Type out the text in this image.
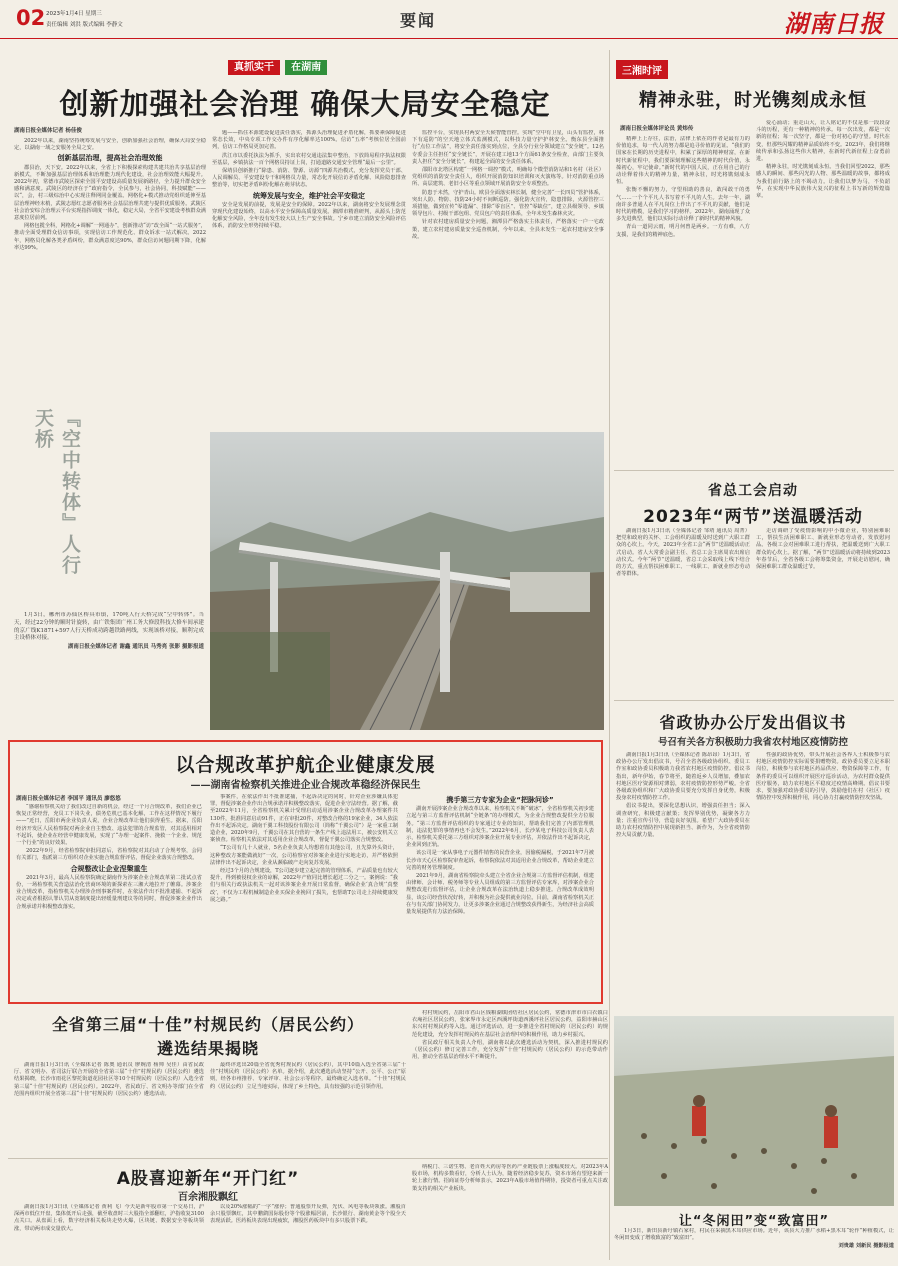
02 2023年1月4日 星期三
责任编辑 刘洪 版式编辑 李静文	要闻	湖南日报
真抓实干 在湖南
创新加强社会治理 确保大局安全稳定
湖南日报全媒体记者 杨佳俊

2022年以来，湖南坚持统筹发展与安全，创新加强社会治理，确保大局安全稳定，以湖南一域之安服务全局之安。

创新基层治理，提高社会治理效能

郡县治，天下安。2022年以来，全省上下积极探索构建共建共治共享基层治理新模式，不断加强基层治理体系和治理能力现代化建设，社会治理效能大幅提升。2022年初，常德市武陵区探索全国平安建设高质量发展新路径，全力提升群众安全感和满意度。武陵区的经济在于“政府指令，全民参与，社会协同，科技赋能”——以“，会，村三级综治中心实现注释网同金覆盖。网格化+模式推动党组织延伸至基层治理神经末梢，武陵志愿红志愿者服务社会基层治理共建与提供优质服务。武陵区社会治安综合治理云平台实现指挥调度一体化，稳定大局，全省平安建设考核群众满意度位居前列。

网格包揽全科，网格化+调解“一网通办”，创新推动“访”改全面“一站式服务”，推动全面受理群众信访事项，实现信访工作规范化、群众诉求一站式解决。2022年，网格员化解各类矛盾纠纷，群众满意度达90%，群众信访问题同期下降，化解率达99%。

题——抓住本源建设促进责任落实，抓源头治理促进矛盾化解，抓要素保障促进常态长效，中央专项工作交办件有序化解率达100%。信访“五率”考核位居全国前列，信访工作格局更加完善。

洪江市以委托执法为抓手，实出农村交通违法集中整治，下放简易程序执法权限至基层，乡镇执法一百个网格员持证上岗，打通道路交通安全管理“最后一公里”。

保靖县创新推行“除患、消防、警源、访源”四源共治模式，充分发挥党员干部、人民调解员、平安建设专干和网格员力量，常态化开展信访矛盾化解、风险隐患排查整治等，切实把矛盾纠纷化解在萌芽状态。

统筹发展与安全，维护社会平安稳定

安全是发展的前提，发展是安全的保障。2022年以来，湖南将安全发展理念贯穿现代化建设始终，以高水平安全保障高质量发展。湘潭市精准研判，从源头上防范化解安全风险，全年没有发生较大以上生产安全事故。宁乡市建立消防安全风险评估体系，消防安全形势持续平稳。

监控平台，实现县村两安全天候智能管控。实现“空中有卫星，山头有监控，林下有巡防”的空天地立体式监测模式，以科技力量守护护林安全。衡东县全面推行“点位工作法”，将安全责任落实到点位，全县分行业分领域建立“安全链”。12名专委会主任担任“安全链长”，开展在建工地13个方面61条安全检查，由部门主要负责人担任“安全分链长”，构建起全面的安全责任体系。

邵阳市北塔区构建“一网格一调控”模式，明确每个微型消防站和1名村（社区）党组织的消防安全责任人，组织开展消防知识培训和灭火演练等。针对消防重点场所、高层建筑、老旧小区等重点领域开展消防安全专项整治。

防患于未然，守护青山。欧县全面落实林长制，健全完善“一长四员”管护体系，突出人防、物防、技防24小时不间断巡防。强化防火宣传，隐患排除，火源管控三项措施，做到宣传“零遗漏”、排除“零盲区”、管控“零缺位”，建立县级领导、乡镇领导包片、村级干部包组、党员包户的责任体系，全年未发生森林火灾。

针对农村建房质量安全问题，湘潭县严格落实主体责任，严格落实一户一宅政策，建立农村建房质量安全巡查机制，今年以来，全县未发生一起农村建房安全事故。

『空中转体』人行天桥

1月3日，郴州市苏仙区桥具市镇，170吨人行天桥完成“空中转体”。当天，经过22分钟的顺时针旋转，由广铁集团广州工务大修段科技大修车间承建的京广线K1871+597人行天桥成功跨越铁路两线，实现该桥对接，顺利完成主设桥体对接。

湖南日报全媒体记者 谢鑫 通讯员 马秀亮 张影 摄影报道

以合规改革护航企业健康发展
——湖南省检察机关推进企业合规改革稳经济保民生
湖南日报全媒体记者 李国平 通讯员 廖悠悠

“感谢检察机关给了我们改过自新的机会，经过一个月合规改革，我们企业已恢复正常经营，充员工下岗失业，债务危机已基本化解，工作在这样情况下履行——”近日，岳阳市两企业负责人说，企业合规改革让他们获得重生。据来，岳阳经济开发区人民检察院对两企业自主整改、违法犯罪的合规监管，对其适用相对不起诉，使企业在经营中健康发展，实现了“办理一起案件、挽救一个企业、规范一个行业”的良好效果。

2022年9月，经省检察院审批同意后，省检察院对其启动了合规考察，会同有关部门，指派第三方组织对企业实施合规监督评估，督促企业落实合规整改。

合规整改让企业涅槃重生

2021年3月，最高人民检察院确定湖南作为涉案企业合规改革第二批试点省份，一场检察机关营造法治化营商环境的新探索在三湘大地拉开了帷幕。涉案企业合规改革，指检察机关办理涉企刑事案件时，在依法作出不批准逮捕、不起诉决定或者根据认罪认罚从宽制度提出轻缓量刑建议等的同时，督促涉案企业作出合规承诺并积极整改落实。

事案件，在依法作出不批准逮捕，不起诉决定的同时，针对企业涉嫌具体犯罪，督促涉案企业作出合规承诺并积极整改落实，促进企业守法经营。据了解，截至2022年11月，全省检察机关累计受理启动适用涉案企业合规改革办理案件共130件，批准同意启动91件，正在审批20件，对整改合格的19家企业，34人依法作出不起诉决定。湖南千翼工科技股份有限公司（简称“千翼公司”）是一家重工制造企业，2020年9月，千翼公司在其自营的一条生产线上违法用工，被公安机关立案侦查。检察机关依法对其适用企业合规改革，督促千翼公司落实合规整改。

“T公司有几十人就业，5名企业负责人均想着有其他公司，且先算外头资计，这种整改方案能做就好”一次，公司检察官对涉案企业进行实地走访，并严格依照法律作出不起诉决定，企业从濒临破产走向复苏发展。

经过3个月的合规建设，T公司逐步建立起完善的管理体系，产品质量也有较大提升，得到被侵权企业的谅解，2022年产值同比增长超过二分之一。案例说：“我们与相关行政执法机关一起对该涉案企业开展日常监督，确保企业‘真合规’‘真整改’，不仅为工程机械制造企业买保企业挽回了损失，也帮助T公司走上持续健康发展之路。”

携手第三方专家为企业“把脉问诊”

湖南开展涉案企业合规改革以来，检察机关不断“破冰”，全省检察机关初步建立起与第三方监督评估机制“全链条”的办理模式，为企业合规整改提供全方位服务。“第三方监督评估组织的专家通过专业的知识，帮助我们完善了内部管理机制，违法犯罪的事情再也不会发生。”2022年6月，长沙某电子科技公司负责人表示，检察机关委托第三方组织对涉案企业开展专业评估，并依法作出不起诉决定，企业回到正轨。

该公司是一家从事电子元器件销售的民营企业，因偷税漏税，于2021年7月被长沙市天心区检察院审查起诉，检察院依法对其适用企业合规改革，帮助企业建立完善的财务管理制度。

2021年9月，湖南省检察院牵头建立全省企业合规第三方监督评估机制，组建由律师、会计师、税务师等专业人员组成的第三方监督评估专家库，对涉案企业合规整改进行监督评估，让企业合规改革在法治轨道上稳步推进。合规改革成效明显，该公司经营状况好转，并积极为社会提供就业岗位。目前，湖南省检察机关正在与有关部门协同发力，让更多涉案企业通过合规整改获得新生，为经济社会高质量发展提供有力法治保障。

全省第三届“十佳”村规民约（居民公约）
遴选结果揭晓

湖南日报1月3日讯（全媒体记者 陈奥 通讯员 廖婉清 杨帅 吴佳）由省民政厅、省文明办、省司法厅联合开展的全省第三届“十佳”村规民约（居民公约）遴选结果揭晓，长沙市雨花区黎托街道花园社区等10个村规民约（居民公约）入选全省第三届“十佳”村规民约（居民公约）。2022年，省民政厅、省文明办等部门在全省范围内组织开展全省第三届“十佳”村规民约（居民公约）遴选活动。

最终评选出20篇全省优秀村规民约（居民公约），其中10篇入选全省第三届“十佳”村规民约（居民公约）名单。据介绍，此次遴选活动坚持“公开、公平、公正”原则，经各市州推荐、专家评审、社会公示等程序，最终确定入选名单。“十佳”村规民约（居民公约）立足当地实际，体现了乡土特色，具有较强的示范引领作用。

村村规民约，岳阳市君山区钱粮湖镇团结社区居民公约，常德市津市市白衣镇白衣庵社区居民公约，张家界市永定区西溪坪街道西溪坪社区居民公约，益阳市赫山区东兴村村规民约等入选。通过评选活动，进一步推进全省村规民约（居民公约）的规范化建设，充分发挥村规民约在基层社会治理中的积极作用，助力乡村振兴。

省民政厅相关负责人介绍，湖南将以此次遴选活动为契机，深入推进村规民约（居民公约）修订完善工作，充分发挥“十佳”村规民约（居民公约）的示范带动作用，推动全省基层治理水平不断提升。

A股喜迎新年“开门红”
百余湘股飘红

湖南日报1月3日讯（全媒体记者 黄利 飞）今天是新年股市第一个交易日，沪深两市低位开盘，集体低开后走强，截至收盘时三大股指全部翻红，沪指收复3100点关口。从盘面上看，数字经济相关板块走势火爆，区块链、数据安全等板块领涨，带动两市成交量放大。

以及20%涨幅的“一字”涨停；普通股票开反弹，光伏、风电等板块领涨。湘股百余只股票飘红，其中鹏鹞国际股份等个股涨幅居前，长沙银行、湖南黄金等个股全天表现活跃。医药板块表现出现疲软，湘股医药板块中有多只股票下跌。

纳税门、三诺生物、老百姓大药房等医药产业链股票上涨幅度较大。对2023年A股市场，机构多数看好，分析人士认为，随着经济稳步复苏，资本市场有望迎来新一轮上涨行情。招商证券分析师表示，2023年A股市场值得期待，投资者可重点关注政策支持的相关产业板块。

三湘时评
精神永驻，时光镌刻成永恒
湖南日报全媒体评论员 黄炜传

精神上上存往，法治，法律上依在的作者是最有力的价值追求，每一代人的努力都是追寻价值的见证。“我们的国家在长期的历史进程中，积累了深厚的精神财富，在新时代新征程中，我们要深刻理解这些精神的时代价值，永葆初心，牢记使命。”新时代的中国人民，正在用自己的行动诠释着伟大的精神力量，精神永驻，时光将镌刻成永恒。

张衡不懈的努力，守望相助的善良，敢闯敢干的勇气……一个个平凡人书写着不平凡的人生。去年一年，湖南许多普通人在平凡岗位上作出了不平凡的贡献，他们是时代的楷模，是我们学习的榜样。2022年，湖南涌现了众多先进典型，他们以实际行动诠释了新时代的精神风貌。

青山一道同云雨，明月何曾是两乡。一方有难，八方支援，是我们的精神底色。

爱心涌动；重走山大，让人铭记的不仅是那一段段奋斗的历程，更有一种精神的传承。每一次出发，都是一次新的征程；每一次坚守，都是一份对初心的守望。时代在变，但那些闪耀的精神品质始终不变。2023年，我们将继续传承和弘扬这些伟大精神，在新时代新征程上奋勇前进。

精神永驻，时光镌刻成永恒。当我们回望2022，那些感人的瞬间、那些闪光的人物、那些温暖的故事，都将成为我们前行路上的不竭动力。让我们以梦为马，不负韶华，在实现中华民族伟大复兴的征程上书写新的辉煌篇章。

省总工会启动
2023年“两节”送温暖活动

湖南日报1月3日讯（全媒体记者 邹靖 通讯员 周菁）把党和政府的关怀、工会组织的温暖及时送到广大职工群众的心坎上。今天，2023年全省工会“两节”送温暖活动正式启动。省人大常委会副主任、省总工会主席周农出席启动仪式。今年“两节”送温暖，省总工会采取线上线下结合的方式，重点帮扶困难职工、一线职工、新就业形态劳动者等群体。

走访调研了受疫情影响的中小微企业，特别困难职工，帮扶生活困难职工、新就业形态劳动者，发放慰问品。各级工会对困难职工进行帮扶，把温暖送到广大职工群众的心坎上。据了解，“两节”送温暖活动将持续到2023年春节后，全省各级工会将筹集资金，开展走访慰问，确保困难职工群众温暖过节。

省政协办公厅发出倡议书
号召有关各方积极助力我省农村地区疫情防控

湖南日报1月3日讯（全媒体记者 陈昂昂）1月3日，省政协办公厅发出倡议书，号召全省各级政协组织、委员工作室和政协委员积极助力我省农村地区疫情防控。倡议书指出，新年伊始，春节将至，随着返乡人员增加，叠加农村地区医疗资源相对薄弱，农村疫情防控形势严峻。全省各级政协组织和广大政协委员要充分发挥自身优势，积极投身农村疫情防控工作。

倡议书提出，要深化思想认识，增强责任担当；深入调查研究，积极建言献策；发挥界别优势，凝聚各方力量；注重宣传引导，营造良好氛围。希望广大政协委员在助力农村疫情防控中展现新担当、新作为，为全省疫情防控大局贡献力量。

性强的政协优势，带头开展社会各界人士积极参与农村地区疫情防控实际需要捐赠物资。政协委员要立足本职岗位，积极参与农村地区药品供应、物资保障等工作，有条件的委员可以组织开展医疗巡诊活动，为农村群众提供医疗服务，助力农村地区平稳度过疫情高峰期。倡议书要求，要加强对政协委员的引导，鼓励他们在村（社区）疫情防控中发挥积极作用，同心协力打赢疫情防控攻坚战。

让“冬闲田”变“致富田”

1月3日，新田县新圩镇石家村，村民在采摘黑木耳供应市场。近年，该县大力推广水稻+黑木耳“轮作”种植模式，让冬闲田变成了增收致富的“致富田”。

刘贵雄 刘新民 摄影报道
